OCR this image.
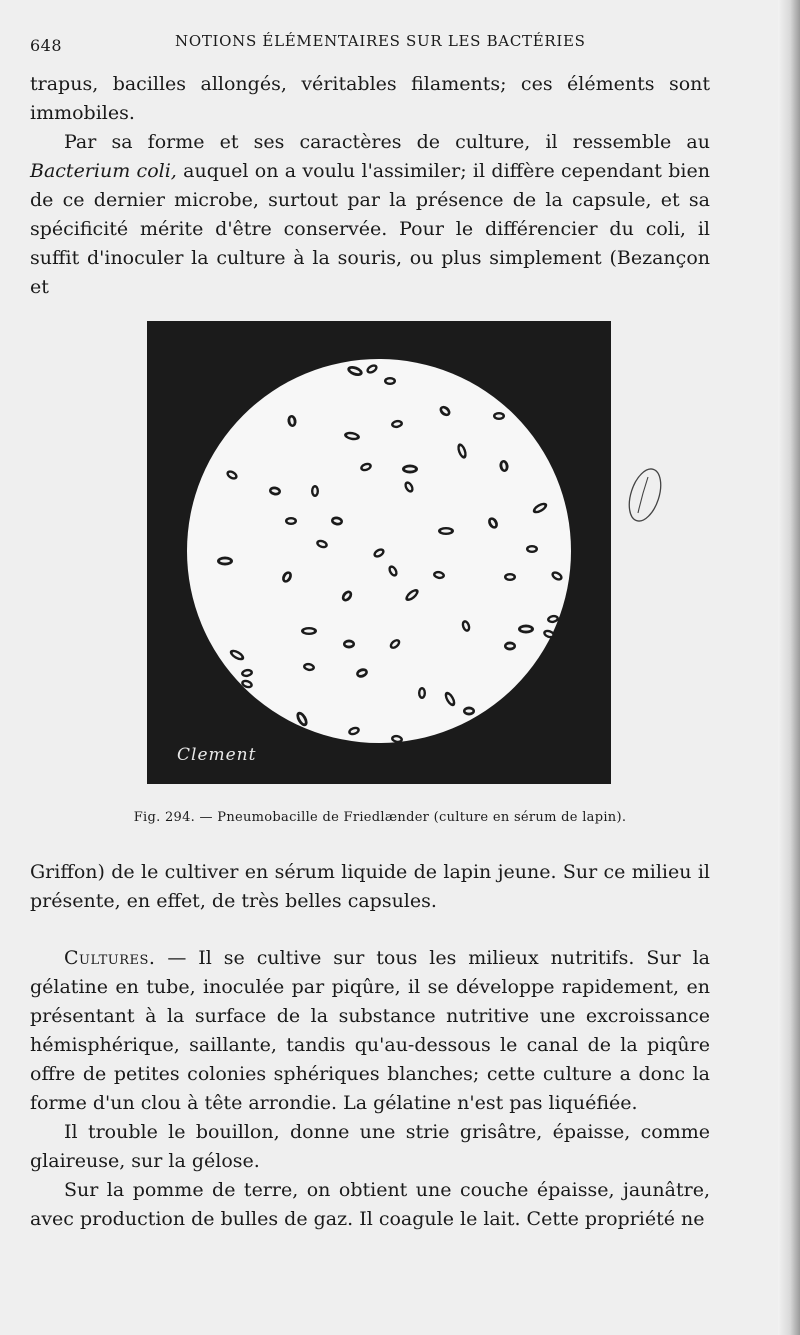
648	NOTIONS ÉLÉMENTAIRES SUR LES BACTÉRIES

trapus, bacilles allongés, véritables filaments; ces éléments sont immobiles.

Par sa forme et ses caractères de culture, il ressemble au Bacterium coli, auquel on a voulu l'assimiler; il diffère cependant bien de ce dernier microbe, surtout par la présence de la capsule, et sa spécificité mérite d'être conservée. Pour le différencier du coli, il suffit d'inoculer la culture à la souris, ou plus simplement (Bezançon et

Clement
Fig. 294. — Pneumobacille de Friedlænder (culture en sérum de lapin).

Griffon) de le cultiver en sérum liquide de lapin jeune. Sur ce milieu il présente, en effet, de très belles capsules.

Cultures. — Il se cultive sur tous les milieux nutritifs. Sur la gélatine en tube, inoculée par piqûre, il se développe rapidement, en présentant à la surface de la substance nutritive une excroissance hémisphérique, saillante, tandis qu'au-dessous le canal de la piqûre offre de petites colonies sphériques blanches; cette culture a donc la forme d'un clou à tête arrondie. La gélatine n'est pas liquéfiée.

Il trouble le bouillon, donne une strie grisâtre, épaisse, comme glaireuse, sur la gélose.

Sur la pomme de terre, on obtient une couche épaisse, jaunâtre, avec production de bulles de gaz. Il coagule le lait. Cette propriété ne
